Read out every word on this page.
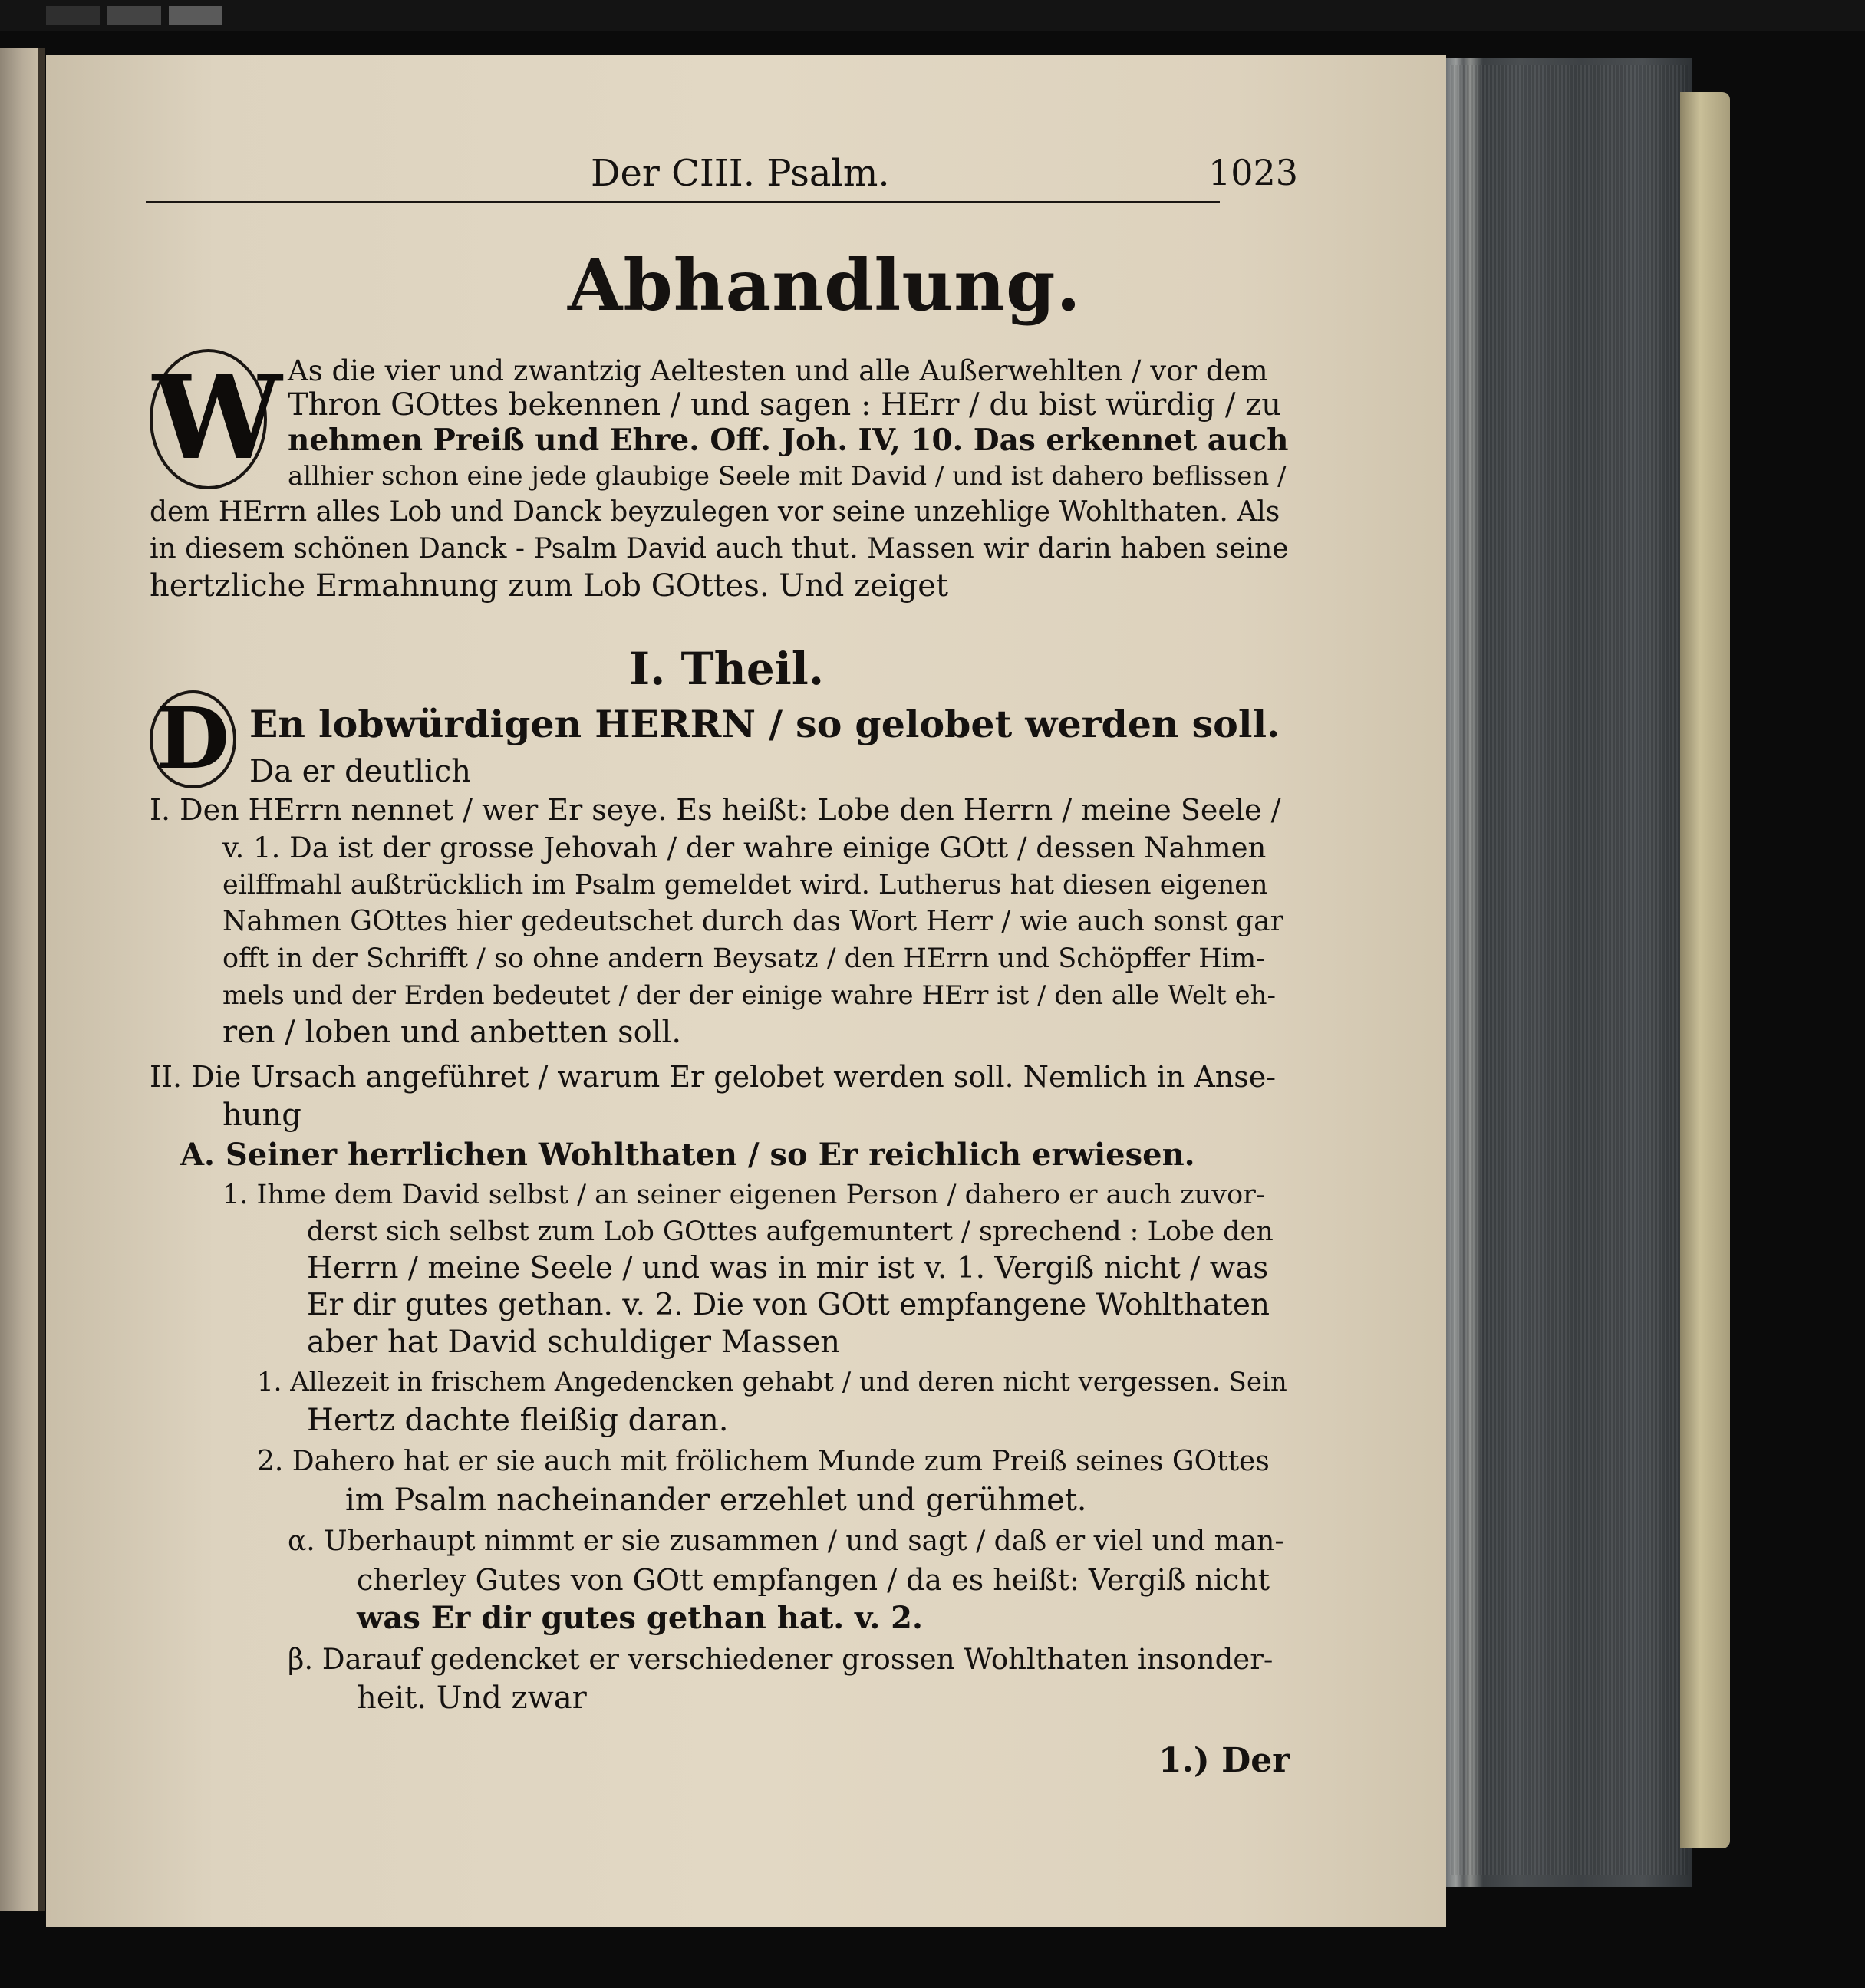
Der CIII. Psalm.	1023
Abhandlung.
W As die vier und zwantzig Aeltesten und alle Außerwehlten / vor dem
Thron GOttes bekennen / und sagen : HErr / du bist würdig / zu
nehmen Preiß und Ehre. Off. Joh. IV, 10. Das erkennet auch
allhier schon eine jede glaubige Seele mit David / und ist dahero beflissen /
dem HErrn alles Lob und Danck beyzulegen vor seine unzehlige Wohlthaten. Als
in diesem schönen Danck - Psalm David auch thut. Massen wir darin haben seine
hertzliche Ermahnung zum Lob GOttes. Und zeiget
I. Theil.
D En lobwürdigen HERRN / so gelobet werden soll.
Da er deutlich
I. Den HErrn nennet / wer Er seye. Es heißt: Lobe den Herrn / meine Seele /
v. 1. Da ist der grosse Jehovah / der wahre einige GOtt / dessen Nahmen
eilffmahl außtrücklich im Psalm gemeldet wird. Lutherus hat diesen eigenen
Nahmen GOttes hier gedeutschet durch das Wort Herr / wie auch sonst gar
offt in der Schrifft / so ohne andern Beysatz / den HErrn und Schöpffer Him-
mels und der Erden bedeutet / der der einige wahre HErr ist / den alle Welt eh-
ren / loben und anbetten soll.
II. Die Ursach angeführet / warum Er gelobet werden soll. Nemlich in Anse-
hung
A. Seiner herrlichen Wohlthaten / so Er reichlich erwiesen.
1. Ihme dem David selbst / an seiner eigenen Person / dahero er auch zuvor-
derst sich selbst zum Lob GOttes aufgemuntert / sprechend : Lobe den
Herrn / meine Seele / und was in mir ist v. 1. Vergiß nicht / was
Er dir gutes gethan. v. 2. Die von GOtt empfangene Wohlthaten
aber hat David schuldiger Massen
1. Allezeit in frischem Angedencken gehabt / und deren nicht vergessen. Sein
Hertz dachte fleißig daran.
2. Dahero hat er sie auch mit frölichem Munde zum Preiß seines GOttes
im Psalm nacheinander erzehlet und gerühmet.
α. Uberhaupt nimmt er sie zusammen / und sagt / daß er viel und man-
cherley Gutes von GOtt empfangen / da es heißt: Vergiß nicht
was Er dir gutes gethan hat. v. 2.
β. Darauf gedencket er verschiedener grossen Wohlthaten insonder-
heit. Und zwar
1.) Der
